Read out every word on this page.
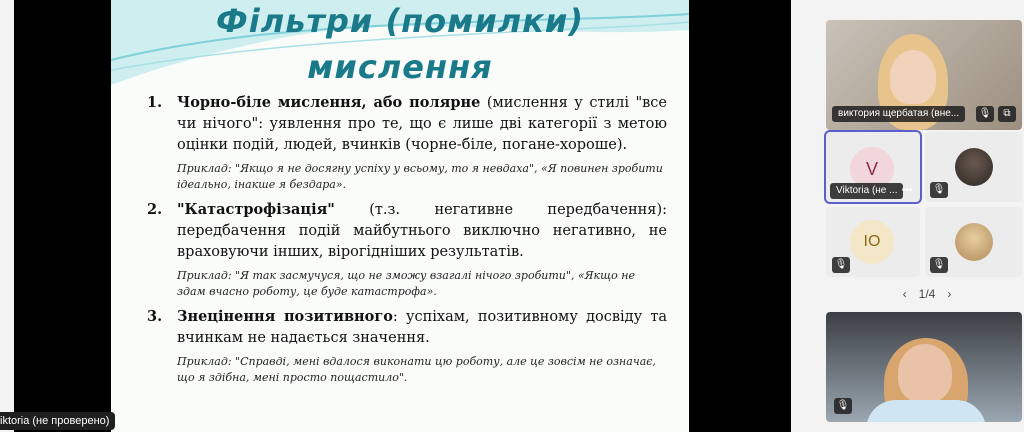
Фільтри (помилки)
мислення
1.	Чорно-біле мислення, або полярне (мислення у стилі "все чи нічого": уявлення про те, що є лише дві категорії з метою оцінки подій, людей, вчинків (чорне-біле, погане-хороше).
Приклад: "Якщо я не досягну успіху у всьому, то я невдаха", «Я повинен зробити ідеально, інакше я бездара».
2.	"Катастрофізація" (т.з. негативне передбачення): передбачення подій майбутнього виключно негативно, не враховуючи інших, вірогідніших результатів.
Приклад: "Я так засмучуся, що не зможу взагалі нічого зробити", «Якщо не здам вчасно роботу, це буде катастрофа».
3.	Знецінення позитивного: успіхам, позитивному досвіду та вчинкам не надається значення.
Приклад: "Справді, мені вдалося виконати цю роботу, але це зовсім не означає, що я здібна, мені просто пощастило".
iktoria (не проверено)
виктория щербатая (вне...	🎙	⧉
V
Viktoria (не ... •••	🎙
IO
🎙	🎙
‹ 1/4 ›
🎙
